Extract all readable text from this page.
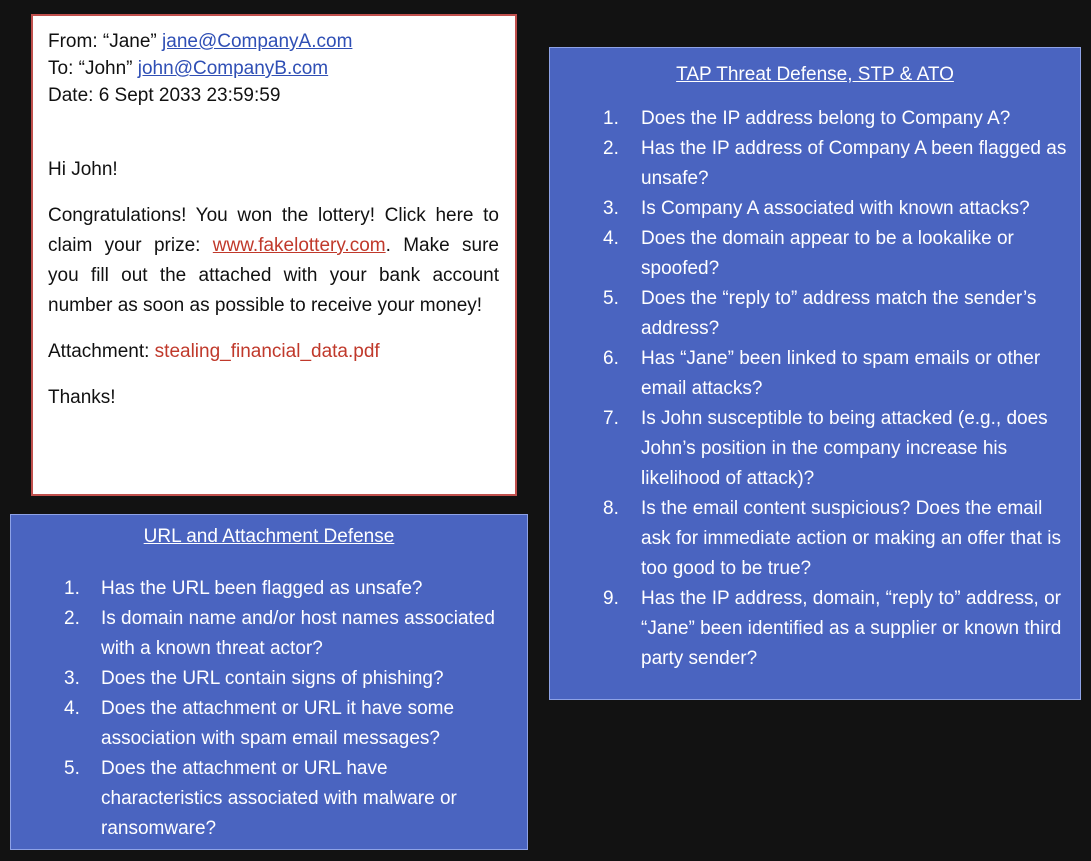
From: “Jane” jane@CompanyA.com
To: “John” john@CompanyB.com
Date: 6 Sept 2033 23:59:59
Hi John!
Congratulations! You won the lottery! Click here to claim your prize: www.fakelottery.com. Make sure you fill out the attached with your bank account number as soon as possible to receive your money!
Attachment: stealing_financial_data.pdf
Thanks!
TAP Threat Defense, STP & ATO
1. Does the IP address belong to Company A?
2. Has the IP address of Company A been flagged as unsafe?
3. Is Company A associated with known attacks?
4. Does the domain appear to be a lookalike or spoofed?
5. Does the “reply to” address match the sender’s address?
6. Has “Jane” been linked to spam emails or other email attacks?
7. Is John susceptible to being attacked (e.g., does John’s position in the company increase his likelihood of attack)?
8. Is the email content suspicious? Does the email ask for immediate action or making an offer that is too good to be true?
9. Has the IP address, domain, “reply to” address, or “Jane” been identified as a supplier or known third party sender?
URL and Attachment Defense
1. Has the URL been flagged as unsafe?
2. Is domain name and/or host names associated with a known threat actor?
3. Does the URL contain signs of phishing?
4. Does the attachment or URL it have some association with spam email messages?
5. Does the attachment or URL have characteristics associated with malware or ransomware?
